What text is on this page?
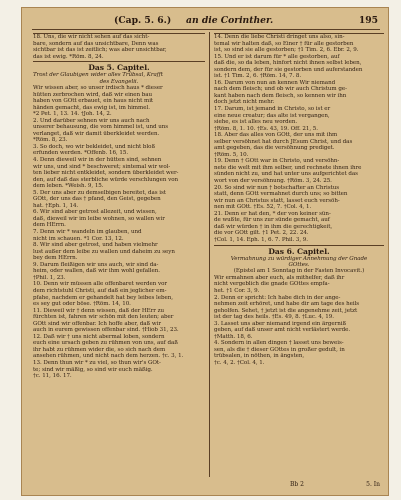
(Cap. 5. 6.) an die Corinther.	195
18. Uns, die wir nicht sehen auf das sicht-
bare, sondern auf das unsichtbare, Denn was
sichtbar ist das ist zeitlich; was aber unsichtbar,
das ist ewig. *Röm. 8, 24.
Das 5. Capitel.
Trost der Glaubigen wider alles Trübsal, Krafft
des Evangelii.
Wir wissen aber, so unser irdisch haus * dieser
hütten zerbrochen wird, daß wir einen bau
haben von GOtt erbauet, ein haus nicht mit
händen gemacht, das ewig ist, im himmel.
*2 Pet. 1, 13. 14. †Joh. 14, 2.
2. Und darüber sehnen wir uns auch nach
unserer behausung, die vom himmel ist, und uns
verlanget, daß wir damit überkleidet werden.
*Röm. 8, 23.
3. So doch, wo wir bekleidet, und nicht bloß
erfunden werden. *Offenb. 16, 15.
4. Denn dieweil wir in der hütten sind, sehnen
wir uns, und sind * beschweret; sintemal wir wol-
ten lieber nicht entkleidet, sondern überkleidet wer-
den, auf daß das sterbliche würde verschlungen von
dem leben. *Weish. 9, 15.
5. Der uns aber zu demselbigen bereitet, das ist
GOtt, der uns das † pfand, den Geist, gegeben
hat. †Eph. 1, 14.
6. Wir sind aber getrost allezeit, und wissen,
daß, dieweil wir im leibe wohnen, so wallen wir
dem HErrn.
7. Denn wir * wandeln im glauben, und
nicht im schauen. *1 Cor. 13, 12.
8. Wir sind aber getrost, und haben vielmehr
lust außer dem leibe zu wallen und daheim zu seyn
bey dem HErrn.
9. Darum fleißigen wir uns auch, wir sind da-
heim, oder wallen, daß wir ihm wohl gefallen.
†Phil. 1, 23.
10. Denn wir müssen alle offenbaret werden vor
dem richtstuhl Christi, auf daß ein jeglicher em-
pfahe, nachdem er gehandelt hat bey leibes leben,
es sey gut oder böse. †Röm. 14, 10.
11. Dieweil wir † denn wissen, daß der HErr zu
fürchten ist, fahren wir schön mit den leuten; aber
GOtt sind wir offenbar. Ich hoffe aber, daß wir
auch in eurem gewissen offenbar sind. †Hiob 31, 23.
12. Daß wir † uns nicht abermal loben, sondern
euch eine ursach geben zu rühmen von uns, auf daß
ihr habt zu rühmen wider die, so sich nach dem
ansehen rühmen, und nicht nach dem herzen. †c. 3, 1.
13. Denn thun wir * zu viel, so thun wir's GOt-
te; sind wir mäßig, so sind wir euch mäßig.
†c. 11, 16. 17.
14. Denn die liebe Christi dringet uns also, sin-
temal wir halten daß, so Einer † für alle gestorben
ist, so sind sie alle gestorben; †1 Tim. 2, 6. Ebr. 2, 9.
15. Und er ist darum für * alle gestorben, auf
daß die, so da leben, hinfort nicht ihnen selbst leben,
sondern dem, der für sie gestorben und auferstanden
ist. †1 Tim. 2, 6. †Röm. 14, 7. 8.
16. Darum von nun an kennen Wir niemand
nach dem fleisch; und ob wir auch Christum ge-
kant haben nach dem fleisch, so kennen wir ihn
doch jetzt nicht mehr.
17. Darum, ist jemand in Christo, so ist er
eine neue creatur; das alte ist vergangen,
siehe, es ist alles neu worden.
†Röm. 8, 1. 10. †Es. 43, 19. Off. 21, 5.
18. Aber das alles von GOtt, der uns mit ihm
selber versöhnet hat durch JEsum Christ, und das
amt gegeben, das die versöhnung prediget.
†Röm. 5, 10.
19. Denn † GOtt war in Christo, und versöhn-
nete die welt mit ihm selber, und rechnete ihnen ihre
sünden nicht zu, und hat unter uns aufgerichtet das
wort von der versöhnung. †Röm. 3, 24. 25.
20. So sind wir nun † botschafter an Christus
statt, denn GOtt vermahnet durch uns; so bitten
wir nun an Christus statt, lasset euch versöh-
nen mit GOtt. †Es. 52, 7. †Col. 4, 1.
21. Denn er hat den, * der von keiner sün-
de wußte, für uns zur sünde gemacht, auf
daß wir würden † in ihm die gerechtigkeit,
die vor GOtt gilt. †1 Pet. 2, 22. 24.
†Col. 1, 14. Eph. 1, 6. 7. Phil. 3, 9.
Das 6. Capitel.
Vermahnung zu würdiger Annehmung der Gnade
GOttes.
(Epistel am 1 Sonntag in der Fasten Invocavit.)
Wir ermahnen aber euch, als mithelfer, daß ihr
nicht vergeblich die gnade GOttes empfa-
het. †1 Cor. 3, 9.
2. Denn er spricht: Ich habe dich in der ange-
nehmen zeit erhöret, und habe dir am tage des heils
geholfen. Sehet, † jetzt ist die angenehme zeit, jetzt
ist der tag des heils. †Es. 49, 8. †Luc. 4, 19.
3. Lasset uns aber niemand irgend ein ärgerniß
geben, auf daß unser amt nicht verlästert werde.
†Matth. 18, 6.
4. Sondern in allen dingen † lasset uns beweis-
sen, als die † dieser GOttes in großer gedult, in
trübsalen, in nöthen, in ängsten,
†c. 4, 2. †Col. 4, 1.
Bb 2	5. In
